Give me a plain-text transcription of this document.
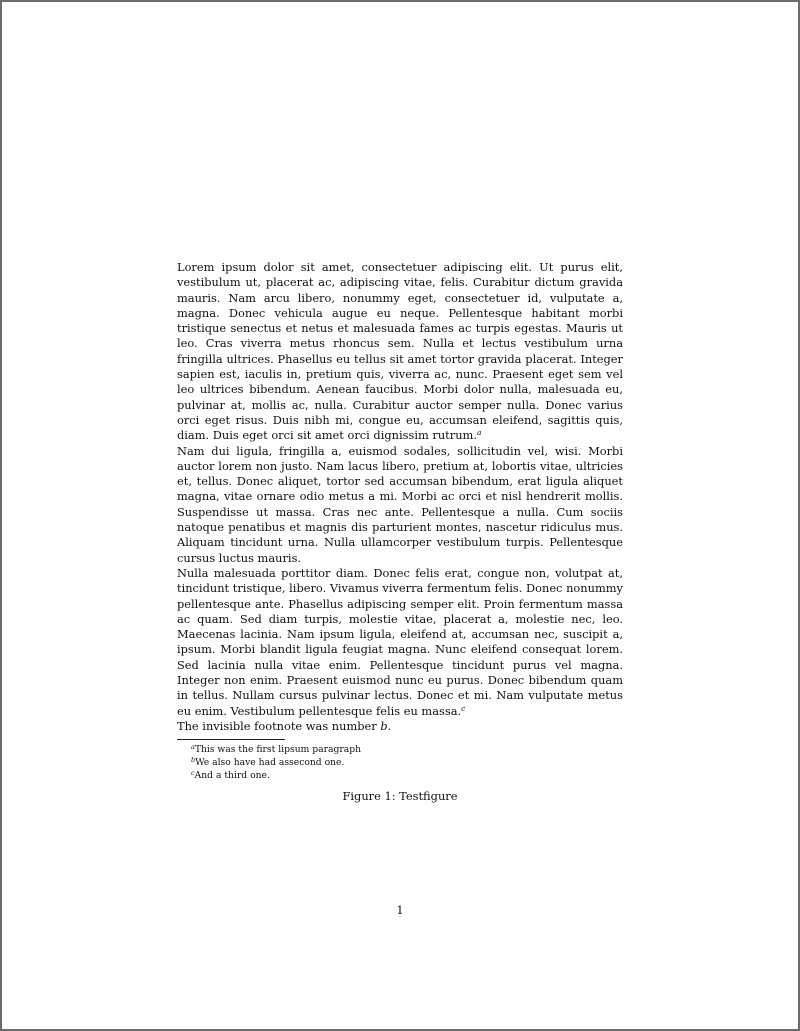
Lorem ipsum dolor sit amet, consectetuer adipiscing elit. Ut purus elit, vestibulum ut, placerat ac, adipiscing vitae, felis. Curabitur dictum gravida mauris. Nam arcu libero, nonummy eget, consectetuer id, vulputate a, magna. Donec vehicula augue eu neque. Pellentesque habitant morbi tristique senectus et netus et malesuada fames ac turpis egestas. Mauris ut leo. Cras viverra metus rhoncus sem. Nulla et lectus vestibulum urna fringilla ultrices. Phasellus eu tellus sit amet tortor gravida placerat. Integer sapien est, iaculis in, pretium quis, viverra ac, nunc. Praesent eget sem vel leo ultrices bibendum. Aenean faucibus. Morbi dolor nulla, malesuada eu, pulvinar at, mollis ac, nulla. Curabitur auctor semper nulla. Donec varius orci eget risus. Duis nibh mi, congue eu, accumsan eleifend, sagittis quis, diam. Duis eget orci sit amet orci dignissim rutrum.$^a$

Nam dui ligula, fringilla a, euismod sodales, sollicitudin vel, wisi. Morbi auctor lorem non justo. Nam lacus libero, pretium at, lobortis vitae, ultricies et, tellus. Donec aliquet, tortor sed accumsan bibendum, erat ligula aliquet magna, vitae ornare odio metus a mi. Morbi ac orci et nisl hendrerit mollis. Suspendisse ut massa. Cras nec ante. Pellentesque a nulla. Cum sociis natoque penatibus et magnis dis parturient montes, nascetur ridiculus mus. Aliquam tincidunt urna. Nulla ullamcorper vestibulum turpis. Pellentesque cursus luctus mauris.

Nulla malesuada porttitor diam. Donec felis erat, congue non, volutpat at, tincidunt tristique, libero. Vivamus viverra fermentum felis. Donec nonummy pellentesque ante. Phasellus adipiscing semper elit. Proin fermentum massa ac quam. Sed diam turpis, molestie vitae, placerat a, molestie nec, leo. Maecenas lacinia. Nam ipsum ligula, eleifend at, accumsan nec, suscipit a, ipsum. Morbi blandit ligula feugiat magna. Nunc eleifend consequat lorem. Sed lacinia nulla vitae enim. Pellentesque tincidunt purus vel magna. Integer non enim. Praesent euismod nunc eu purus. Donec bibendum quam in tellus. Nullam cursus pulvinar lectus. Donec et mi. Nam vulputate metus eu enim. Vestibulum pellentesque felis eu massa.$^c$

The invisible footnote was number b.

$^a$This was the first lipsum paragraph

$^b$We also have had assecond one.

$^c$And a third one.

Figure 1: Testfigure
1
